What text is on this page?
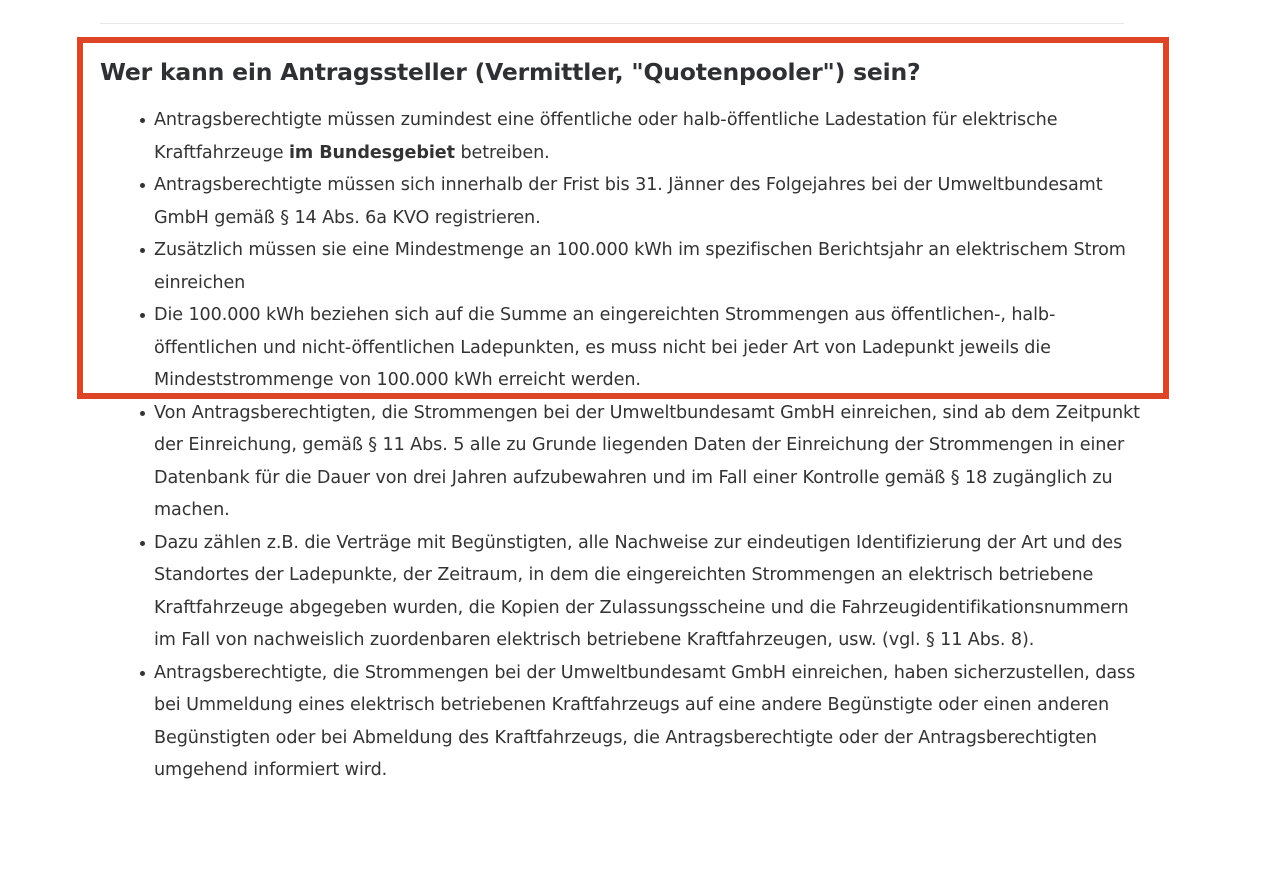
Wer kann ein Antragssteller (Vermittler, "Quotenpooler") sein?
Antragsberechtigte müssen zumindest eine öffentliche oder halb-öffentliche Ladestation für elektrische Kraftfahrzeuge im Bundesgebiet betreiben.
Antragsberechtigte müssen sich innerhalb der Frist bis 31. Jänner des Folgejahres bei der Umweltbundesamt GmbH gemäß § 14 Abs. 6a KVO registrieren.
Zusätzlich müssen sie eine Mindestmenge an 100.000 kWh im spezifischen Berichtsjahr an elektrischem Strom einreichen
Die 100.000 kWh beziehen sich auf die Summe an eingereichten Strommengen aus öffentlichen-, halb-öffentlichen und nicht-öffentlichen Ladepunkten, es muss nicht bei jeder Art von Ladepunkt jeweils die Mindeststrommenge von 100.000 kWh erreicht werden.
Von Antragsberechtigten, die Strommengen bei der Umweltbundesamt GmbH einreichen, sind ab dem Zeitpunkt der Einreichung, gemäß § 11 Abs. 5 alle zu Grunde liegenden Daten der Einreichung der Strommengen in einer Datenbank für die Dauer von drei Jahren aufzubewahren und im Fall einer Kontrolle gemäß § 18 zugänglich zu machen.
Dazu zählen z.B. die Verträge mit Begünstigten, alle Nachweise zur eindeutigen Identifizierung der Art und des Standortes der Ladepunkte, der Zeitraum, in dem die eingereichten Strommengen an elektrisch betriebene Kraftfahrzeuge abgegeben wurden, die Kopien der Zulassungsscheine und die Fahrzeugidentifikationsnummern im Fall von nachweislich zuordenbaren elektrisch betriebene Kraftfahrzeugen, usw. (vgl. § 11 Abs. 8).
Antragsberechtigte, die Strommengen bei der Umweltbundesamt GmbH einreichen, haben sicherzustellen, dass bei Ummeldung eines elektrisch betriebenen Kraftfahrzeugs auf eine andere Begünstigte oder einen anderen Begünstigten oder bei Abmeldung des Kraftfahrzeugs, die Antragsberechtigte oder der Antragsberechtigten umgehend informiert wird.
